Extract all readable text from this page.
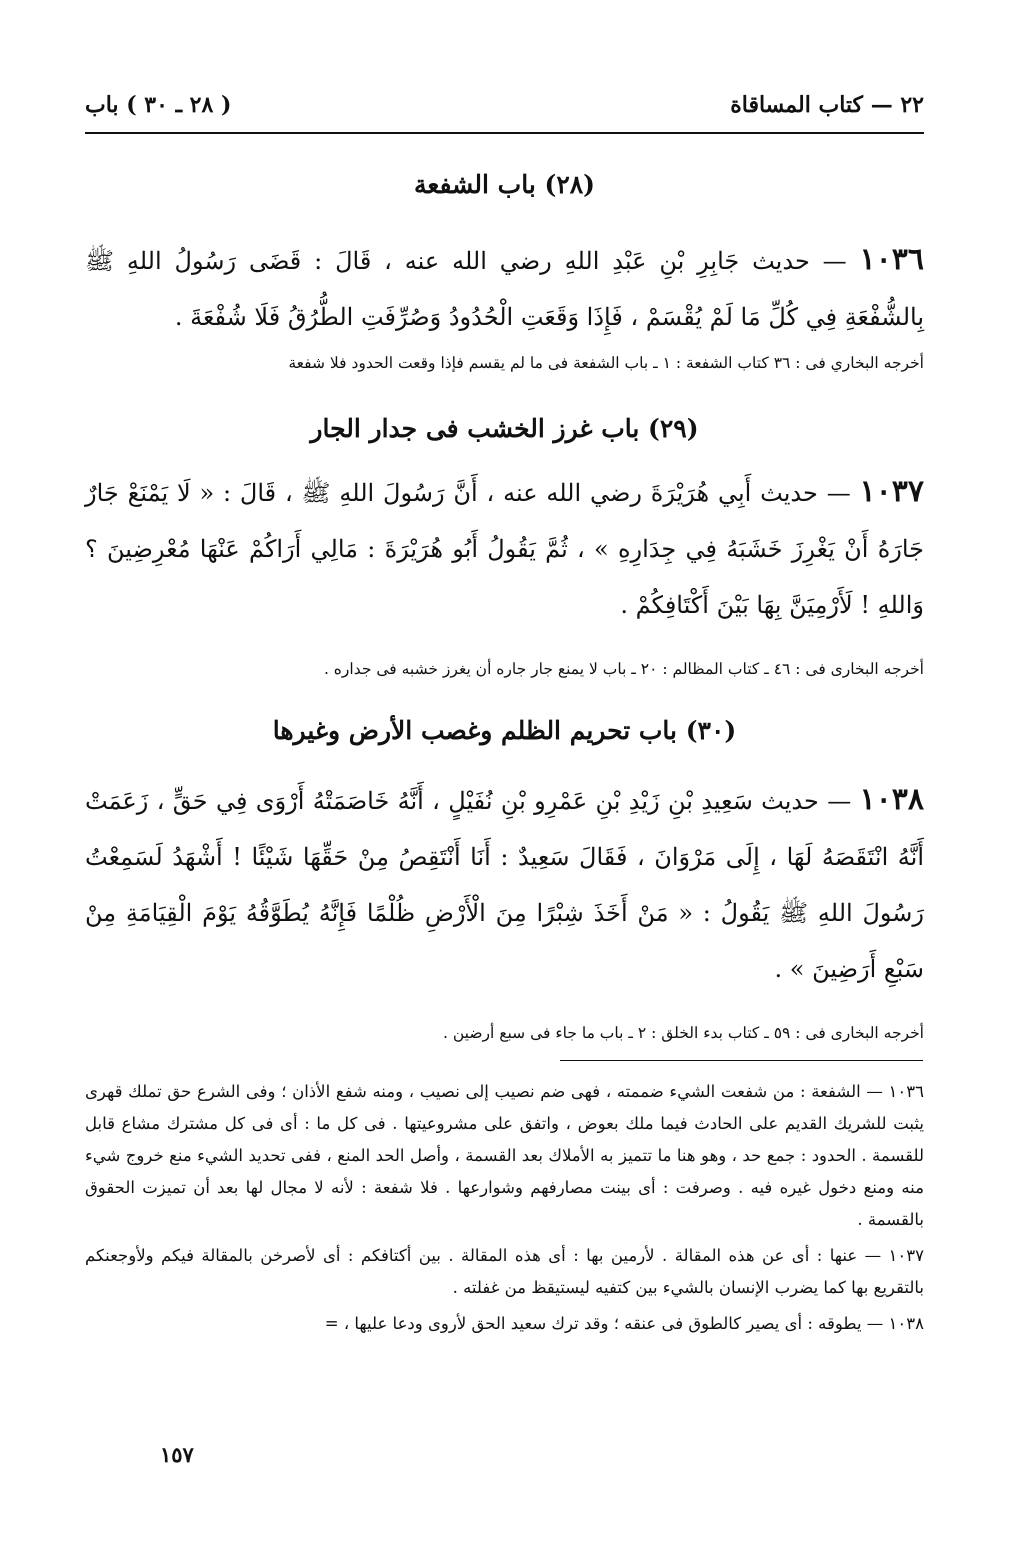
٢٢ — كتاب المساقاة
( ٢٨ ـ ٣٠ ) باب
(٢٨) باب الشفعة
١٠٣٦ — حديث جَابِرِ بْنِ عَبْدِ اللهِ رضي الله عنه ، قَالَ : قَضَى رَسُولُ اللهِ ﷺ بِالشُّفْعَةِ فِي كُلِّ مَا لَمْ يُقْسَمْ ، فَإِذَا وَقَعَتِ الْحُدُودُ وَصُرِّفَتِ الطُّرُقُ فَلَا شُفْعَةَ .
أخرجه البخاري فى : ٣٦ كتاب الشفعة : ١ ـ باب الشفعة فى ما لم يقسم فإذا وقعت الحدود فلا شفعة
(٢٩) باب غرز الخشب فى جدار الجار
١٠٣٧ — حديث أَبِي هُرَيْرَةَ رضي الله عنه ، أَنَّ رَسُولَ اللهِ ﷺ ، قَالَ : « لَا يَمْنَعْ جَارٌ جَارَهُ أَنْ يَغْرِزَ خَشَبَهُ فِي جِدَارِهِ » ، ثُمَّ يَقُولُ أَبُو هُرَيْرَةَ : مَالِي أَرَاكُمْ عَنْهَا مُعْرِضِينَ ؟ وَاللهِ ! لَأَرْمِيَنَّ بِهَا بَيْنَ أَكْتَافِكُمْ .
أخرجه البخارى فى : ٤٦ ـ كتاب المظالم : ٢٠ ـ باب لا يمنع جار جاره أن يغرز خشبه فى جداره .
(٣٠) باب تحريم الظلم وغصب الأرض وغيرها
١٠٣٨ — حديث سَعِيدِ بْنِ زَيْدِ بْنِ عَمْرِو بْنِ نُفَيْلٍ ، أَنَّهُ خَاصَمَتْهُ أَرْوَى فِي حَقٍّ ، زَعَمَتْ أَنَّهُ انْتَقَصَهُ لَهَا ، إِلَى مَرْوَانَ ، فَقَالَ سَعِيدٌ : أَنَا أَنْتَقِصُ مِنْ حَقِّهَا شَيْئًا ! أَشْهَدُ لَسَمِعْتُ رَسُولَ اللهِ ﷺ يَقُولُ : « مَنْ أَخَذَ شِبْرًا مِنَ الْأَرْضِ ظُلْمًا فَإِنَّهُ يُطَوَّقُهُ يَوْمَ الْقِيَامَةِ مِنْ سَبْعِ أَرَضِينَ » .
أخرجه البخارى فى : ٥٩ ـ كتاب بدء الخلق : ٢ ـ باب ما جاء فى سبع أرضين .

١٠٣٦ — الشفعة : من شفعت الشيء ضممته ، فهى ضم نصيب إلى نصيب ، ومنه شفع الأذان ؛ وفى الشرع حق تملك قهرى يثبت للشريك القديم على الحادث فيما ملك بعوض ، واتفق على مشروعيتها . فى كل ما : أى فى كل مشترك مشاع قابل للقسمة . الحدود : جمع حد ، وهو هنا ما تتميز به الأملاك بعد القسمة ، وأصل الحد المنع ، ففى تحديد الشيء منع خروج شيء منه ومنع دخول غيره فيه . وصرفت : أى بينت مصارفهم وشوارعها . فلا شفعة : لأنه لا مجال لها بعد أن تميزت الحقوق بالقسمة .

١٠٣٧ — عنها : أى عن هذه المقالة . لأرمين بها : أى هذه المقالة . بين أكتافكم : أى لأصرخن بالمقالة فيكم ولأوجعنكم بالتقريع بها كما يضرب الإنسان بالشيء بين كتفيه ليستيقظ من غفلته .

١٠٣٨ — يطوقه : أى يصير كالطوق فى عنقه ؛ وقد ترك سعيد الحق لأروى ودعا عليها ، =

١٥٧
